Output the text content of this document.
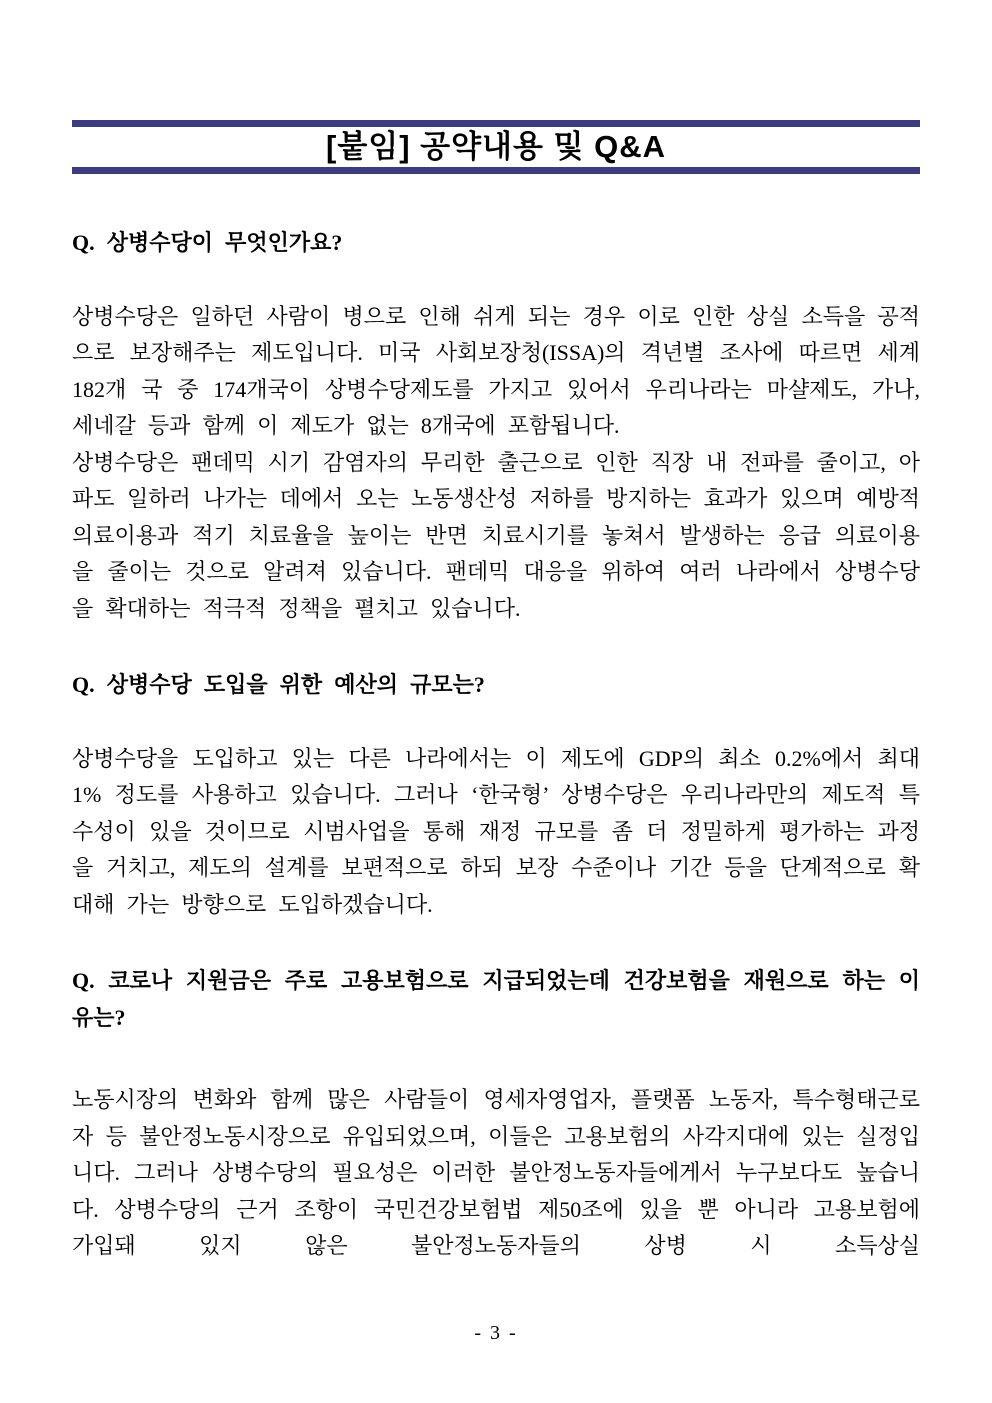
[붙임] 공약내용 및 Q&A

Q. 상병수당이 무엇인가요?

상병수당은 일하던 사람이 병으로 인해 쉬게 되는 경우 이로 인한 상실 소득을 공적으로 보장해주는 제도입니다. 미국 사회보장청(ISSA)의 격년별 조사에 따르면 세계 182개 국 중 174개국이 상병수당제도를 가지고 있어서 우리나라는 마샬제도, 가나, 세네갈 등과 함께 이 제도가 없는 8개국에 포함됩니다.

상병수당은 팬데믹 시기 감염자의 무리한 출근으로 인한 직장 내 전파를 줄이고, 아파도 일하러 나가는 데에서 오는 노동생산성 저하를 방지하는 효과가 있으며 예방적 의료이용과 적기 치료율을 높이는 반면 치료시기를 놓쳐서 발생하는 응급 의료이용을 줄이는 것으로 알려져 있습니다. 팬데믹 대응을 위하여 여러 나라에서 상병수당을 확대하는 적극적 정책을 펼치고 있습니다.

Q. 상병수당 도입을 위한 예산의 규모는?

상병수당을 도입하고 있는 다른 나라에서는 이 제도에 GDP의 최소 0.2%에서 최대 1% 정도를 사용하고 있습니다. 그러나 ‘한국형’ 상병수당은 우리나라만의 제도적 특수성이 있을 것이므로 시범사업을 통해 재정 규모를 좀 더 정밀하게 평가하는 과정을 거치고, 제도의 설계를 보편적으로 하되 보장 수준이나 기간 등을 단계적으로 확대해 가는 방향으로 도입하겠습니다.

Q. 코로나 지원금은 주로 고용보험으로 지급되었는데 건강보험을 재원으로 하는 이유는?

노동시장의 변화와 함께 많은 사람들이 영세자영업자, 플랫폼 노동자, 특수형태근로자 등 불안정노동시장으로 유입되었으며, 이들은 고용보험의 사각지대에 있는 실정입니다. 그러나 상병수당의 필요성은 이러한 불안정노동자들에게서 누구보다도 높습니다. 상병수당의 근거 조항이 국민건강보험법 제50조에 있을 뿐 아니라 고용보험에 가입돼 있지 않은 불안정노동자들의 상병 시 소득상실

- 3 -
